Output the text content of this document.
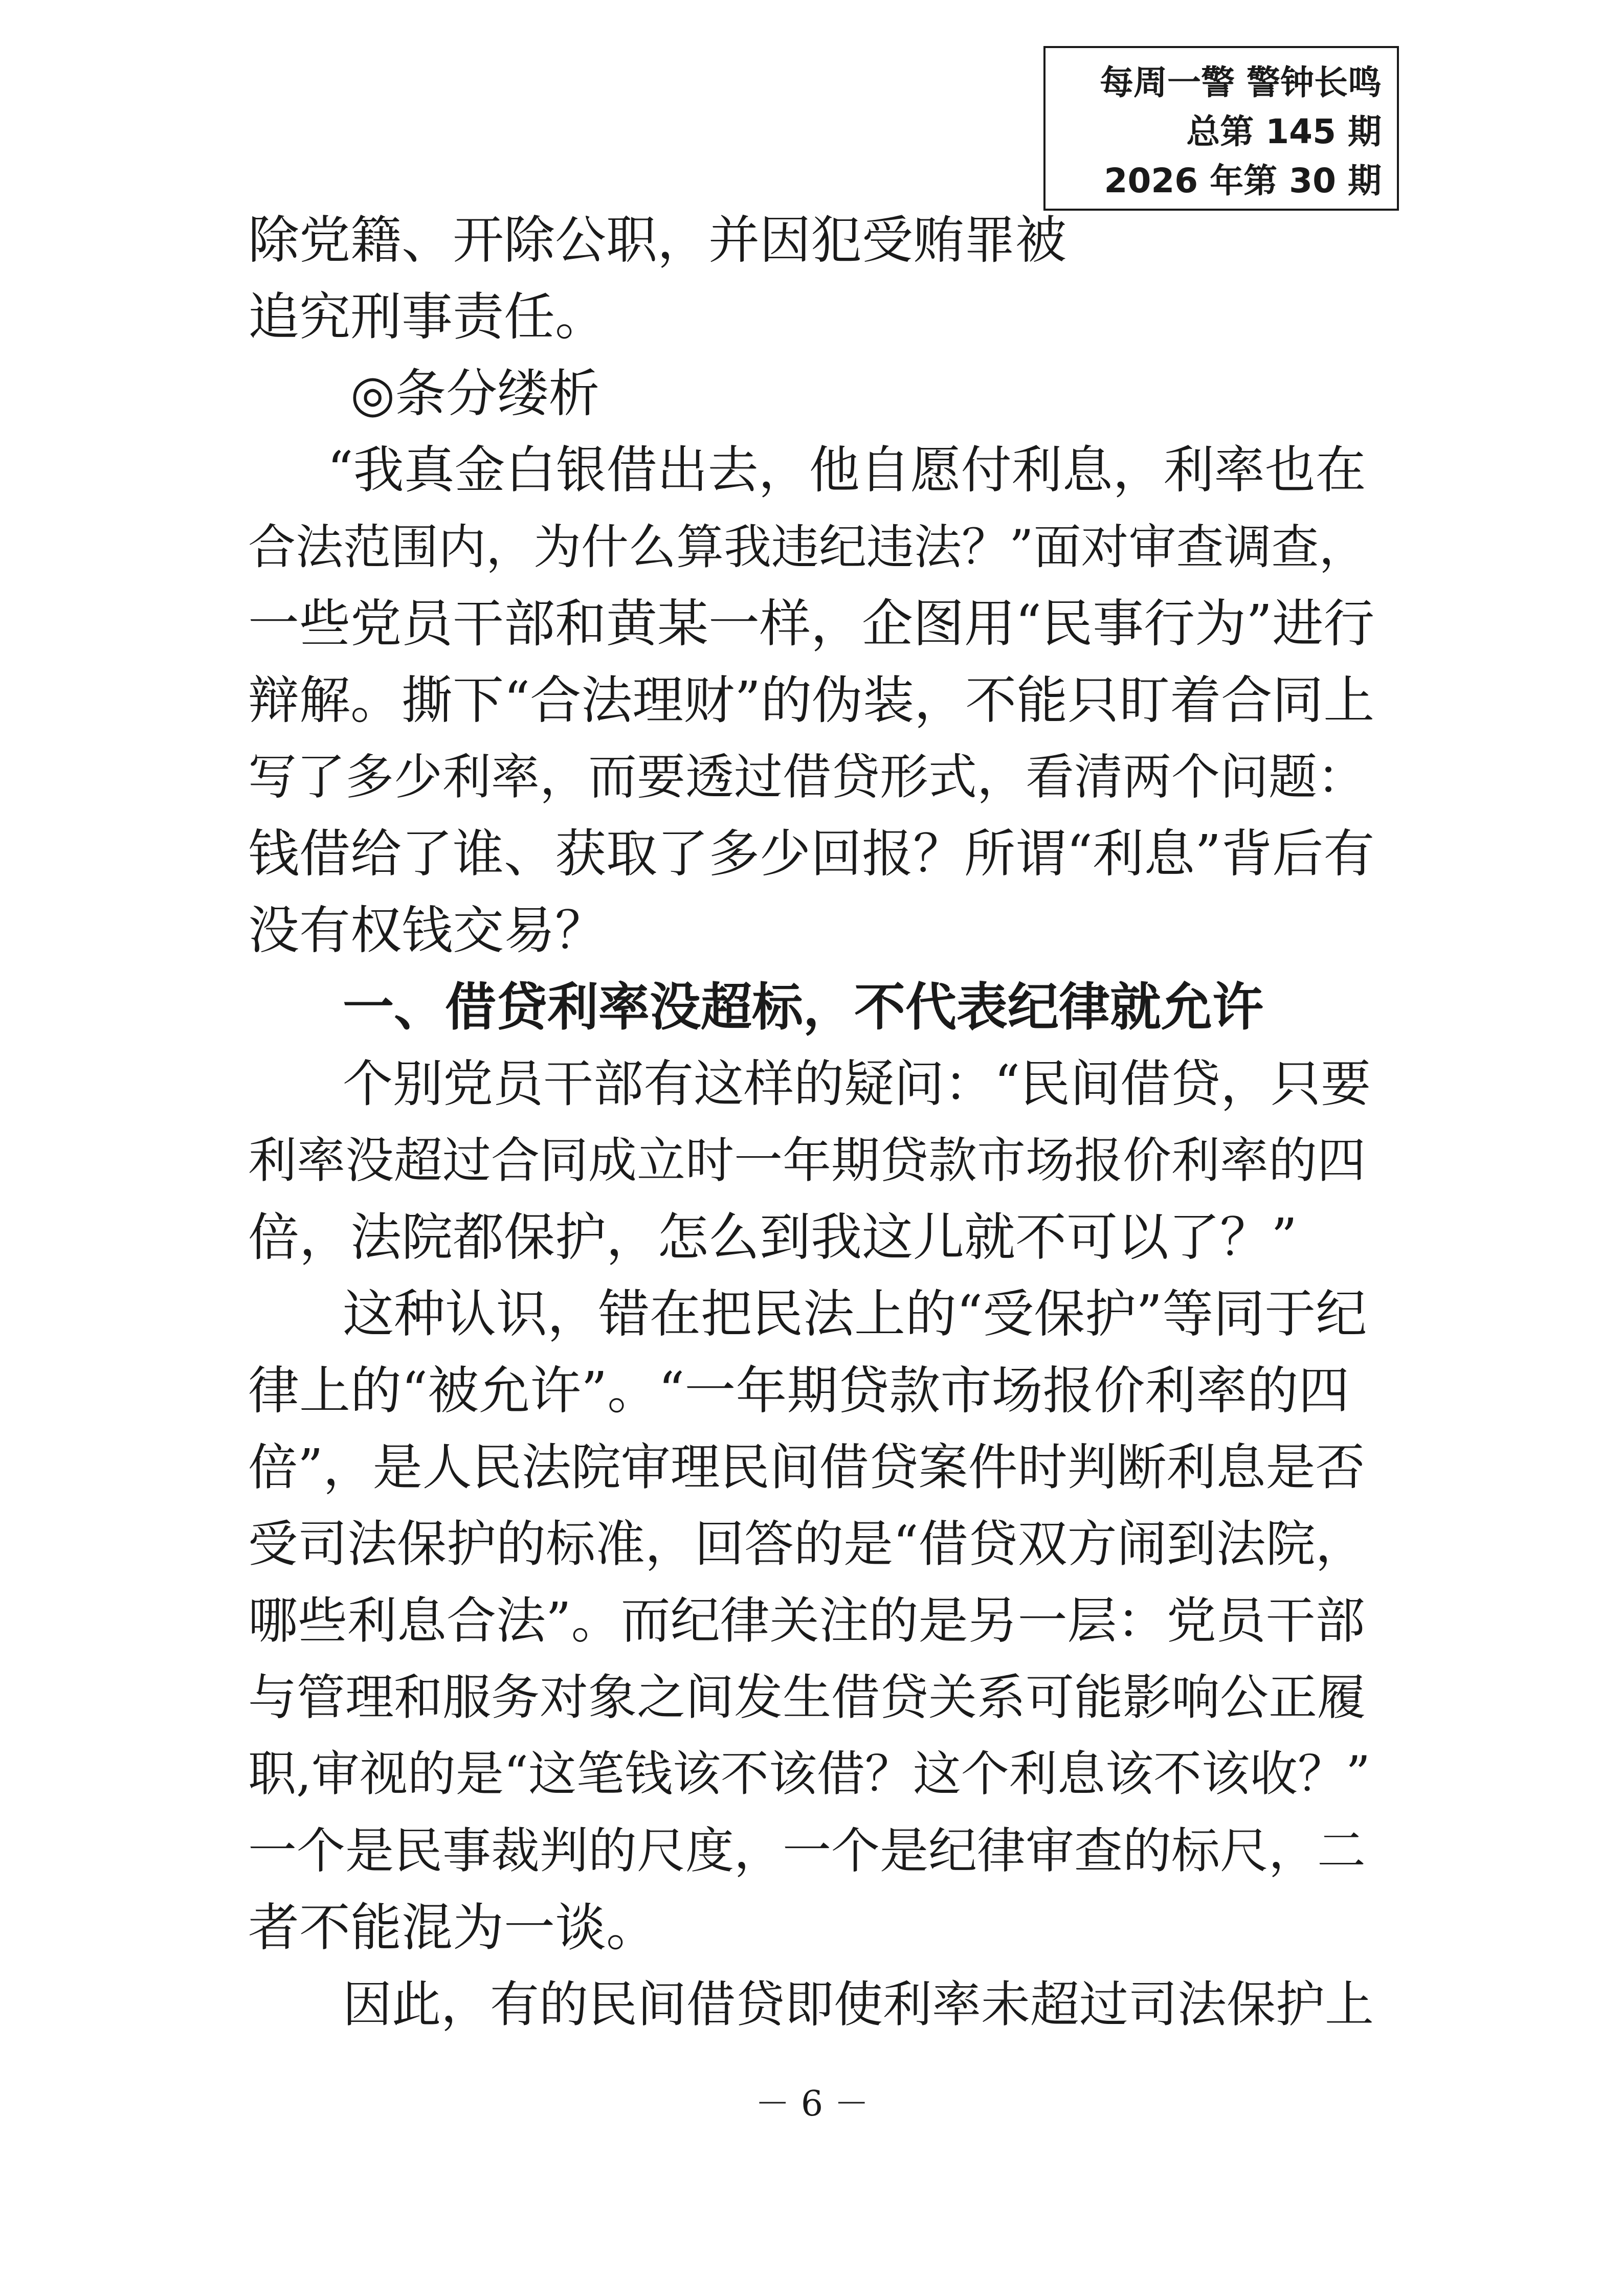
每周一警 警钟长鸣
总第 145 期
2026 年第 30 期
除党籍、开除公职，并因犯受贿罪被
追究刑事责任。
◎条分缕析
“我真金白银借出去，他自愿付利息，利率也在
合法范围内，为什么算我违纪违法？”面对审查调查，
一些党员干部和黄某一样，企图用“民事行为”进行
辩解。撕下“合法理财”的伪装，不能只盯着合同上
写了多少利率，而要透过借贷形式，看清两个问题：
钱借给了谁、获取了多少回报？所谓“利息”背后有
没有权钱交易？
一、借贷利率没超标，不代表纪律就允许
个别党员干部有这样的疑问：“民间借贷，只要
利率没超过合同成立时一年期贷款市场报价利率的四
倍，法院都保护，怎么到我这儿就不可以了？”
这种认识，错在把民法上的“受保护”等同于纪
律上的“被允许”。“一年期贷款市场报价利率的四
倍”，是人民法院审理民间借贷案件时判断利息是否
受司法保护的标准，回答的是“借贷双方闹到法院，
哪些利息合法”。而纪律关注的是另一层：党员干部
与管理和服务对象之间发生借贷关系可能影响公正履
职,审视的是“这笔钱该不该借？这个利息该不该收？”
一个是民事裁判的尺度，一个是纪律审查的标尺，二
者不能混为一谈。
因此，有的民间借贷即使利率未超过司法保护上
－ 6 －
